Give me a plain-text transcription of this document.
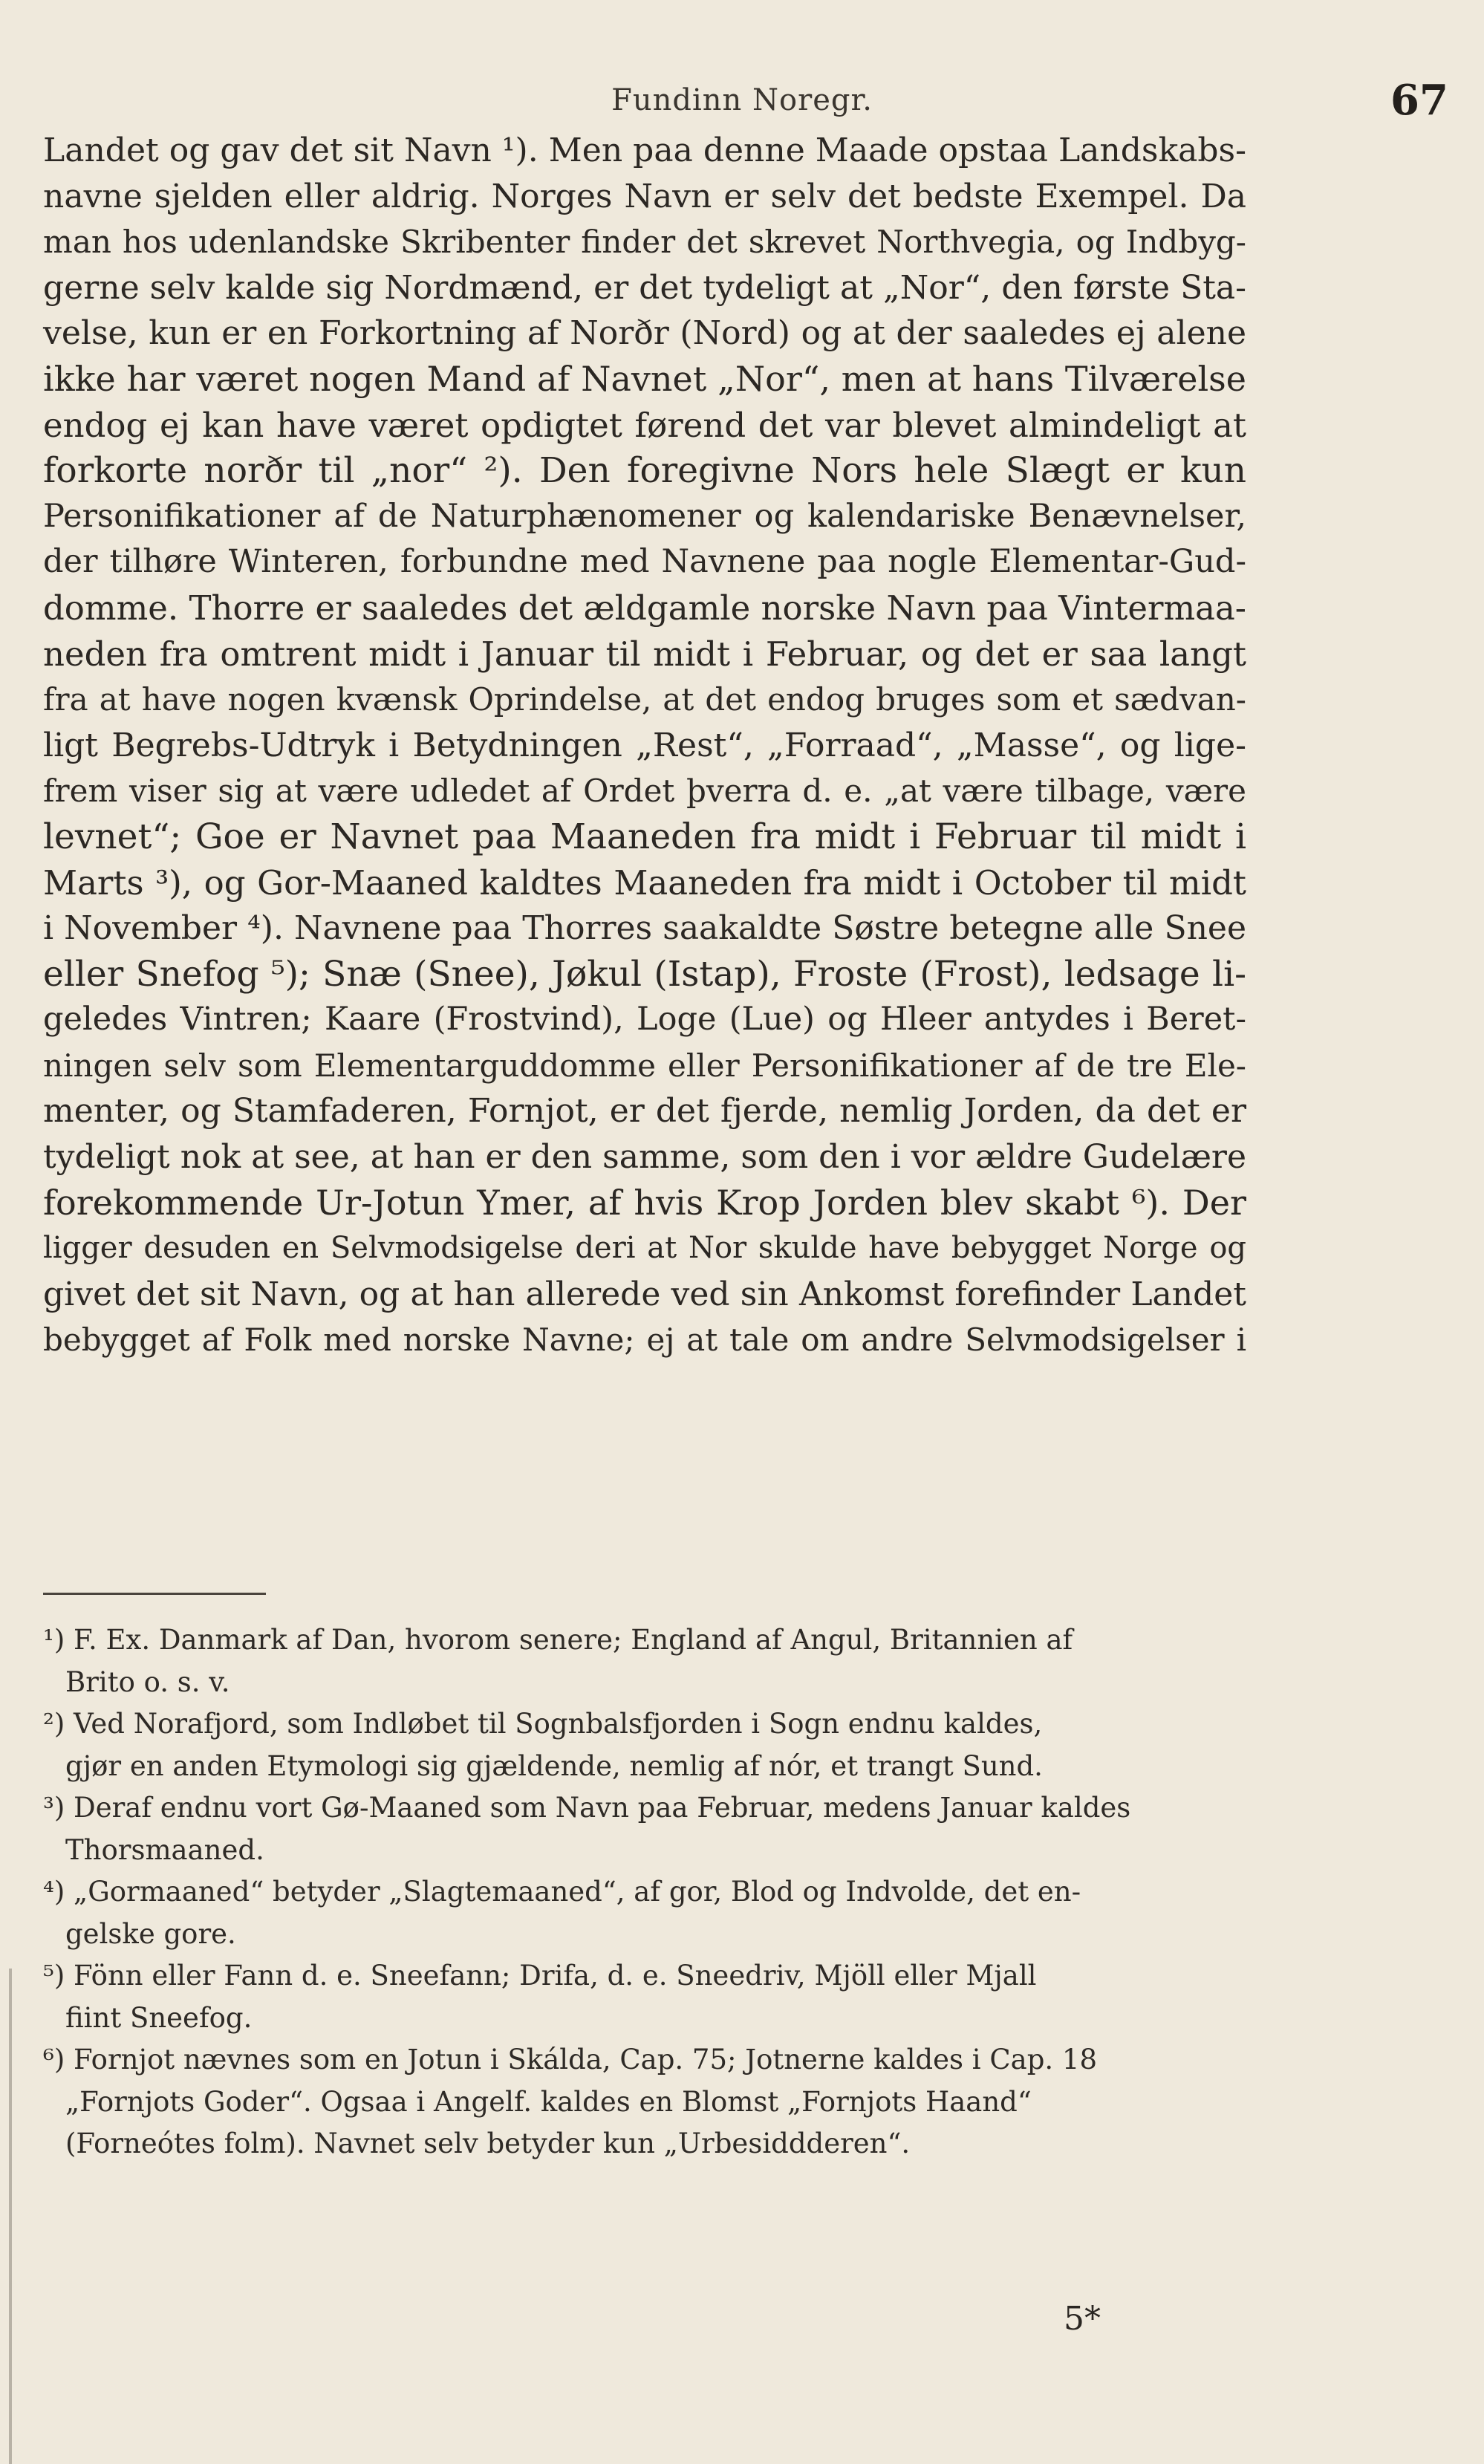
Fundinn Noregr.	67
Landet og gav det sit Navn ¹). Men paa denne Maade opstaa Landskabs-
navne sjelden eller aldrig. Norges Navn er selv det bedste Exempel. Da
man hos udenlandske Skribenter finder det skrevet Northvegia, og Indbyg-
gerne selv kalde sig Nordmænd, er det tydeligt at „Nor“, den første Sta-
velse, kun er en Forkortning af Norðr (Nord) og at der saaledes ej alene
ikke har været nogen Mand af Navnet „Nor“, men at hans Tilværelse
endog ej kan have været opdigtet førend det var blevet almindeligt at
forkorte norðr til „nor“ ²). Den foregivne Nors hele Slægt er kun
Personifikationer af de Naturphænomener og kalendariske Benævnelser,
der tilhøre Winteren, forbundne med Navnene paa nogle Elementar-Gud-
domme. Thorre er saaledes det ældgamle norske Navn paa Vintermaa-
neden fra omtrent midt i Januar til midt i Februar, og det er saa langt
fra at have nogen kvænsk Oprindelse, at det endog bruges som et sædvan-
ligt Begrebs-Udtryk i Betydningen „Rest“, „Forraad“, „Masse“, og lige-
frem viser sig at være udledet af Ordet þverra d. e. „at være tilbage, være
levnet“; Goe er Navnet paa Maaneden fra midt i Februar til midt i
Marts ³), og Gor-Maaned kaldtes Maaneden fra midt i October til midt
i November ⁴). Navnene paa Thorres saakaldte Søstre betegne alle Snee
eller Snefog ⁵); Snæ (Snee), Jøkul (Istap), Froste (Frost), ledsage li-
geledes Vintren; Kaare (Frostvind), Loge (Lue) og Hleer antydes i Beret-
ningen selv som Elementarguddomme eller Personifikationer af de tre Ele-
menter, og Stamfaderen, Fornjot, er det fjerde, nemlig Jorden, da det er
tydeligt nok at see, at han er den samme, som den i vor ældre Gudelære
forekommende Ur-Jotun Ymer, af hvis Krop Jorden blev skabt ⁶). Der
ligger desuden en Selvmodsigelse deri at Nor skulde have bebygget Norge og
givet det sit Navn, og at han allerede ved sin Ankomst forefinder Landet
bebygget af Folk med norske Navne; ej at tale om andre Selvmodsigelser i
¹) F. Ex. Danmark af Dan, hvorom senere; England af Angul, Britannien af
Brito o. s. v.
²) Ved Norafjord, som Indløbet til Sognbalsfjorden i Sogn endnu kaldes,
gjør en anden Etymologi sig gjældende, nemlig af nór, et trangt Sund.
³) Deraf endnu vort Gø-Maaned som Navn paa Februar, medens Januar kaldes
Thorsmaaned.
⁴) „Gormaaned“ betyder „Slagtemaaned“, af gor, Blod og Indvolde, det en-
gelske gore.
⁵) Fönn eller Fann d. e. Sneefann; Drifa, d. e. Sneedriv, Mjöll eller Mjall
fiint Sneefog.
⁶) Fornjot nævnes som en Jotun i Skálda, Cap. 75; Jotnerne kaldes i Cap. 18
„Fornjots Goder“. Ogsaa i Angelf. kaldes en Blomst „Fornjots Haand“
(Forneótes folm). Navnet selv betyder kun „Urbesiddderen“.
5*
